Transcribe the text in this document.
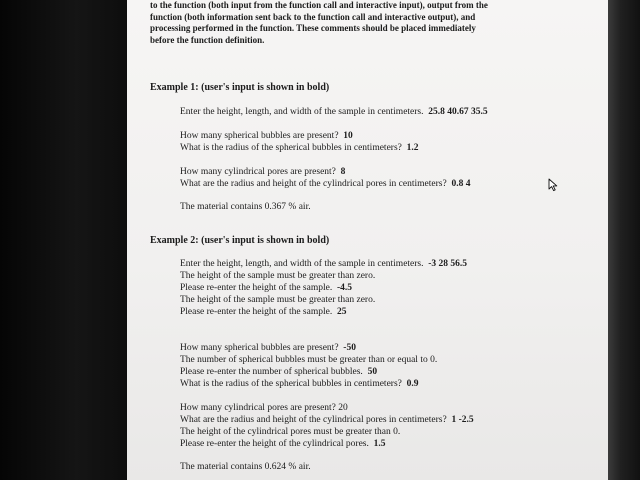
to the function (both input from the function call and interactive input), output from the
function (both information sent back to the function call and interactive output), and
processing performed in the function. These comments should be placed immediately
before the function definition.
Example 1: (user's input is shown in bold)
Enter the height, length, and width of the sample in centimeters. 25.8 40.67 35.5
How many spherical bubbles are present? 10
What is the radius of the spherical bubbles in centimeters? 1.2
How many cylindrical pores are present? 8
What are the radius and height of the cylindrical pores in centimeters? 0.8 4
The material contains 0.367 % air.
Example 2: (user's input is shown in bold)
Enter the height, length, and width of the sample in centimeters. -3 28 56.5
The height of the sample must be greater than zero.
Please re-enter the height of the sample. -4.5
The height of the sample must be greater than zero.
Please re-enter the height of the sample. 25
How many spherical bubbles are present? -50
The number of spherical bubbles must be greater than or equal to 0.
Please re-enter the number of spherical bubbles. 50
What is the radius of the spherical bubbles in centimeters? 0.9
How many cylindrical pores are present? 20
What are the radius and height of the cylindrical pores in centimeters? 1 -2.5
The height of the cylindrical pores must be greater than 0.
Please re-enter the height of the cylindrical pores. 1.5
The material contains 0.624 % air.
